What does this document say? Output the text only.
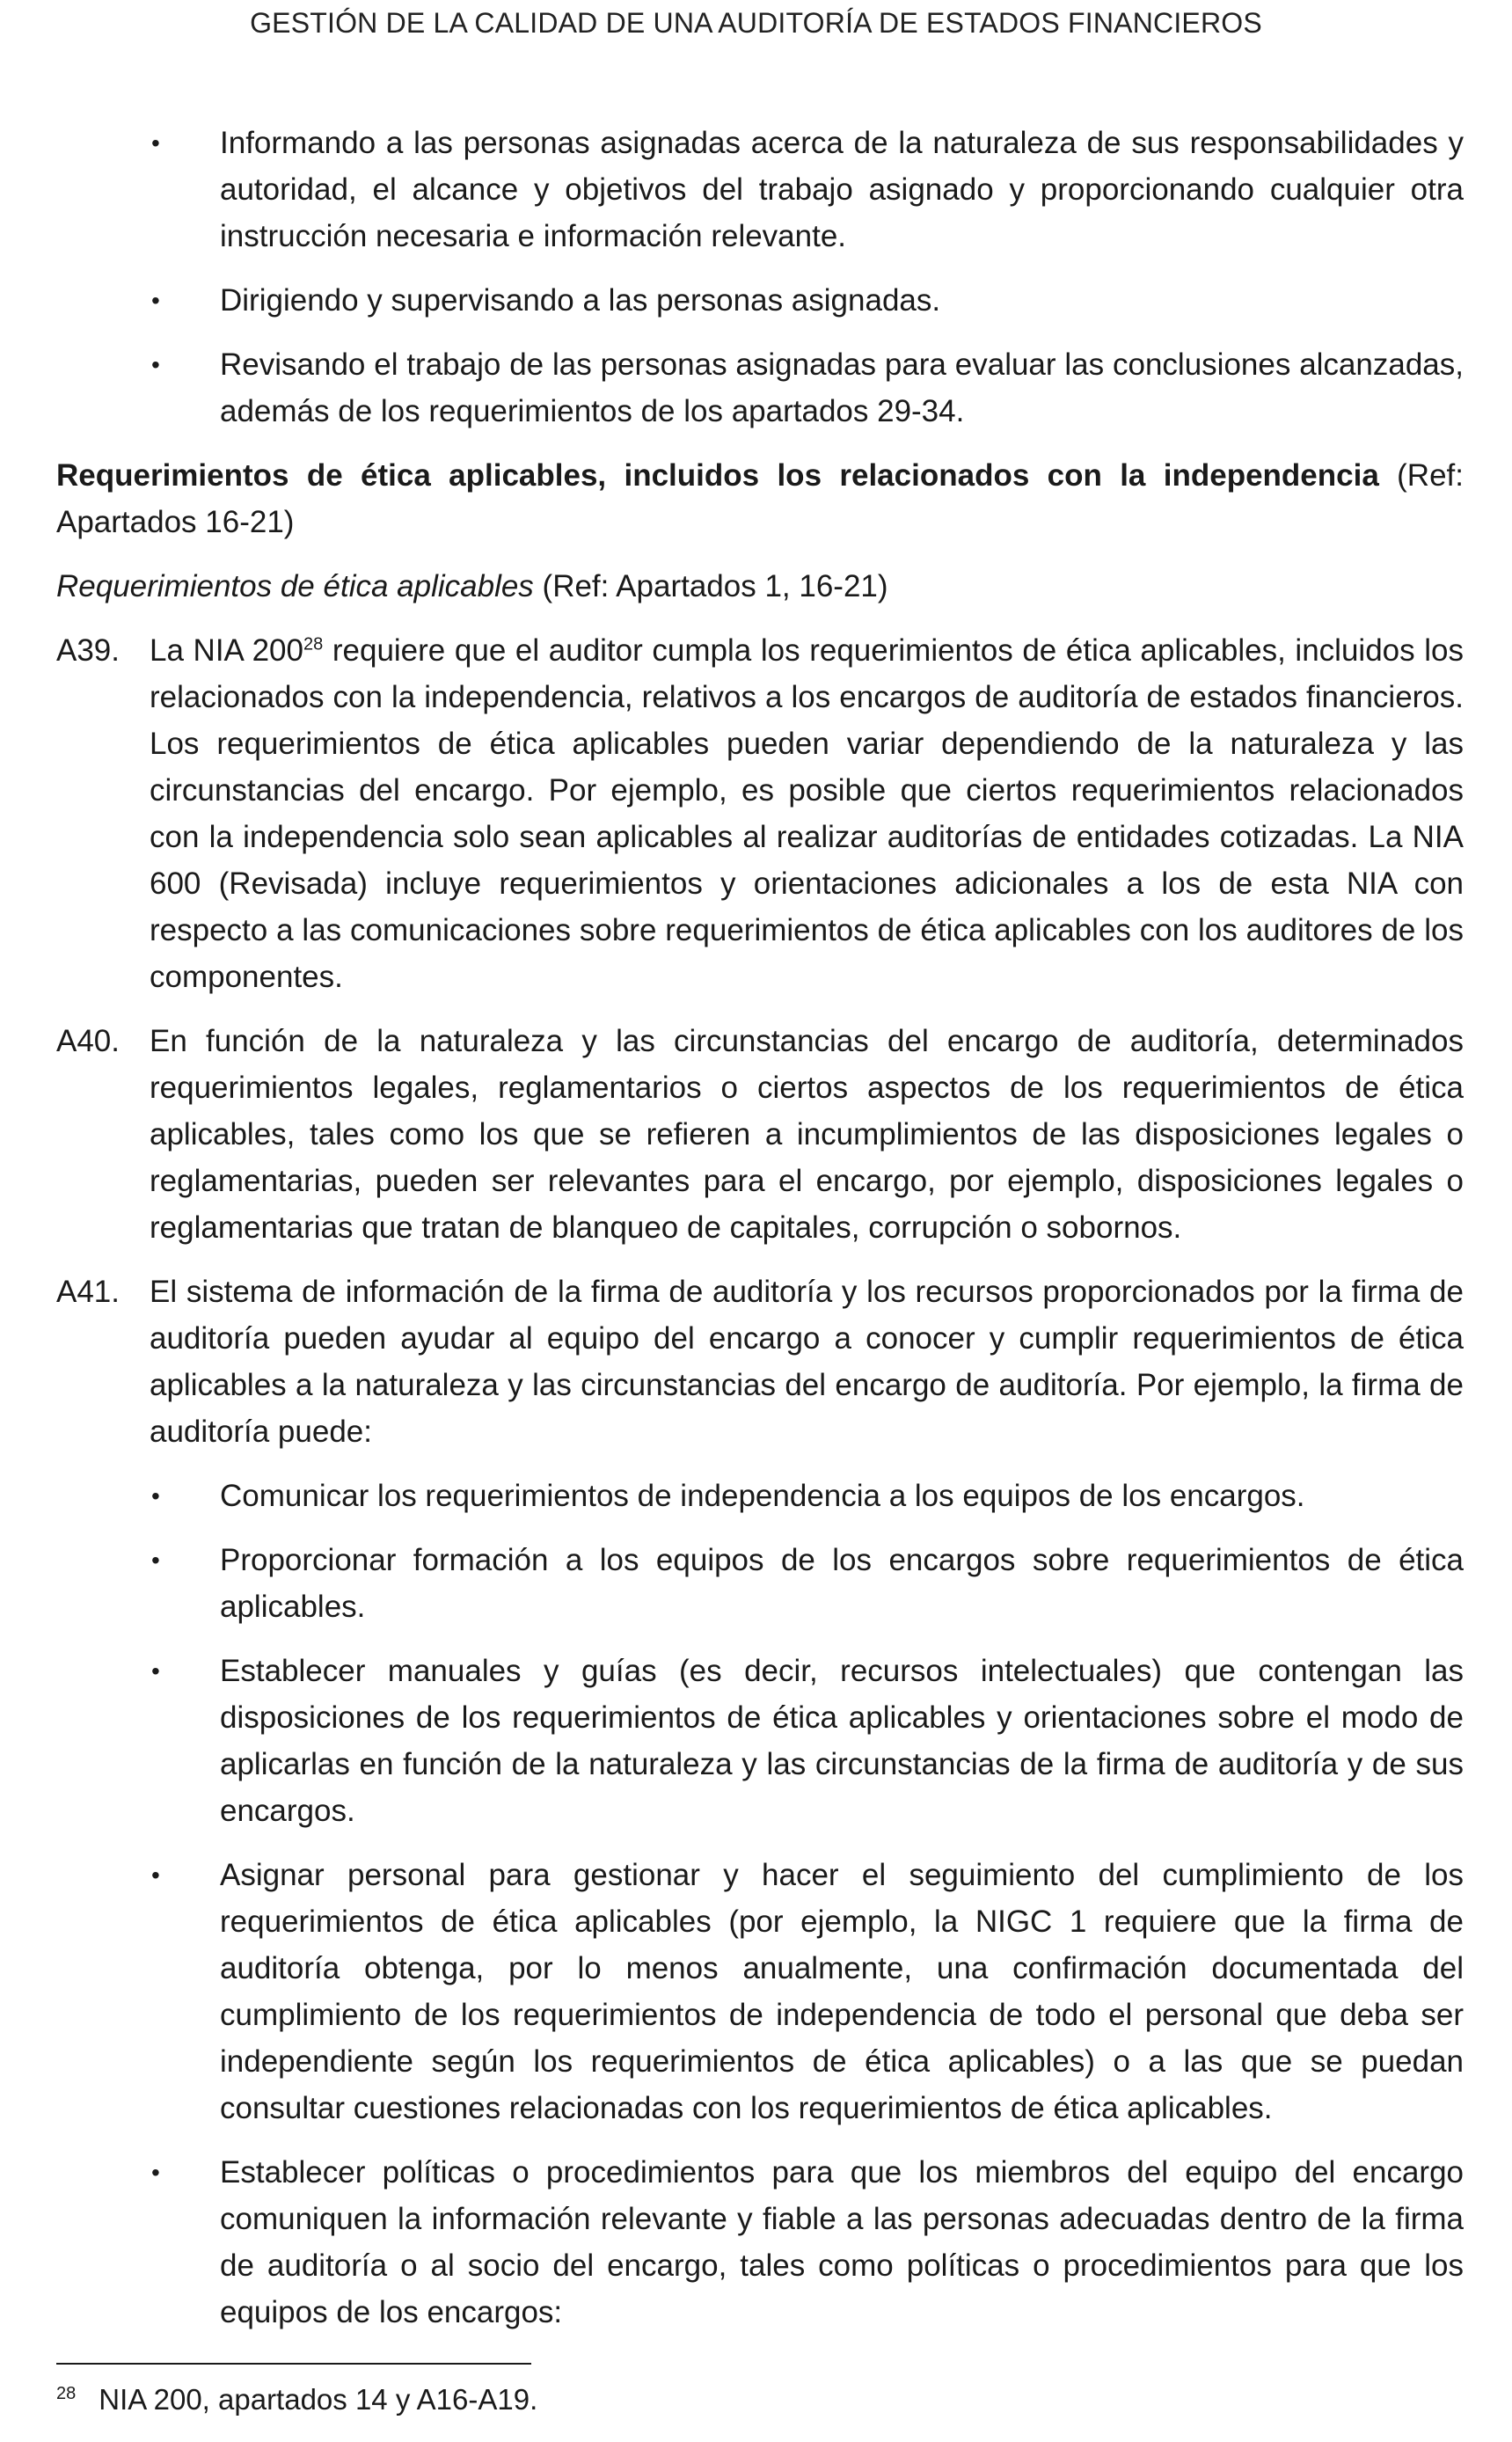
GESTIÓN DE LA CALIDAD DE UNA AUDITORÍA DE ESTADOS FINANCIEROS
• Informando a las personas asignadas acerca de la naturaleza de sus responsabilidades y autoridad, el alcance y objetivos del trabajo asignado y proporcionando cualquier otra instrucción necesaria e información relevante.
• Dirigiendo y supervisando a las personas asignadas.
• Revisando el trabajo de las personas asignadas para evaluar las conclusiones alcanzadas, además de los requerimientos de los apartados 29-34.

Requerimientos de ética aplicables, incluidos los relacionados con la independencia (Ref: Apartados 16-21)

Requerimientos de ética aplicables (Ref: Apartados 1, 16-21)

A39. La NIA $200^{28}$ requiere que el auditor cumpla los requerimientos de ética aplicables, incluidos los relacionados con la independencia, relativos a los encargos de auditoría de estados financieros. Los requerimientos de ética aplicables pueden variar dependiendo de la naturaleza y las circunstancias del encargo. Por ejemplo, es posible que ciertos requerimientos relacionados con la independencia solo sean aplicables al realizar auditorías de entidades cotizadas. La NIA 600 (Revisada) incluye requerimientos y orientaciones adicionales a los de esta NIA con respecto a las comunicaciones sobre requerimientos de ética aplicables con los auditores de los componentes.
A40. En función de la naturaleza y las circunstancias del encargo de auditoría, determinados requerimientos legales, reglamentarios o ciertos aspectos de los requerimientos de ética aplicables, tales como los que se refieren a incumplimientos de las disposiciones legales o reglamentarias, pueden ser relevantes para el encargo, por ejemplo, disposiciones legales o reglamentarias que tratan de blanqueo de capitales, corrupción o sobornos.
A41. El sistema de información de la firma de auditoría y los recursos proporcionados por la firma de auditoría pueden ayudar al equipo del encargo a conocer y cumplir requerimientos de ética aplicables a la naturaleza y las circunstancias del encargo de auditoría. Por ejemplo, la firma de auditoría puede:
• Comunicar los requerimientos de independencia a los equipos de los encargos.
• Proporcionar formación a los equipos de los encargos sobre requerimientos de ética aplicables.
• Establecer manuales y guías (es decir, recursos intelectuales) que contengan las disposiciones de los requerimientos de ética aplicables y orientaciones sobre el modo de aplicarlas en función de la naturaleza y las circunstancias de la firma de auditoría y de sus encargos.
• Asignar personal para gestionar y hacer el seguimiento del cumplimiento de los requerimientos de ética aplicables (por ejemplo, la NIGC 1 requiere que la firma de auditoría obtenga, por lo menos anualmente, una confirmación documentada del cumplimiento de los requerimientos de independencia de todo el personal que deba ser independiente según los requerimientos de ética aplicables) o a las que se puedan consultar cuestiones relacionadas con los requerimientos de ética aplicables.
• Establecer políticas o procedimientos para que los miembros del equipo del encargo comuniquen la información relevante y fiable a las personas adecuadas dentro de la firma de auditoría o al socio del encargo, tales como políticas o procedimientos para que los equipos de los encargos:
$^{28}$ NIA 200, apartados 14 y A16-A19.
